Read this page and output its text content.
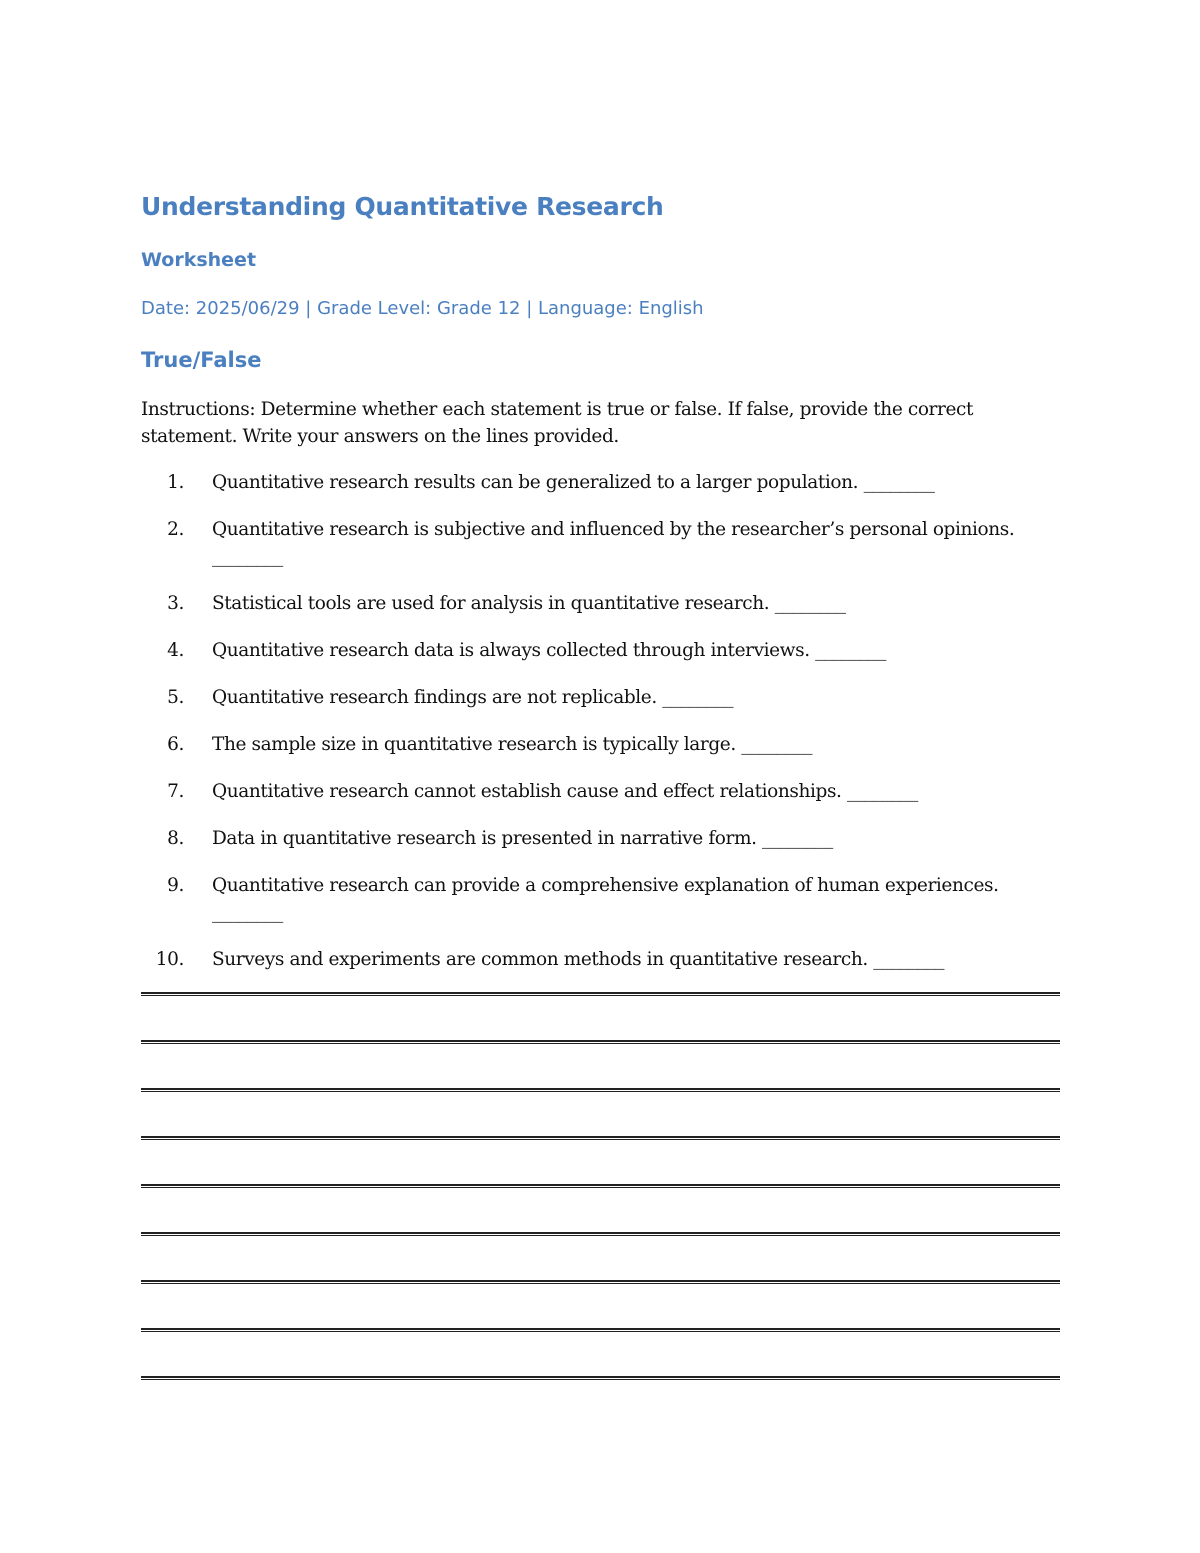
Understanding Quantitative Research
Worksheet

Date: 2025/06/29 | Grade Level: Grade 12 | Language: English

True/False

Instructions: Determine whether each statement is true or false. If false, provide the correct statement. Write your answers on the lines provided.

1. Quantitative research results can be generalized to a larger population. ________
2. Quantitative research is subjective and influenced by the researcher’s personal opinions. ________
3. Statistical tools are used for analysis in quantitative research. ________
4. Quantitative research data is always collected through interviews. ________
5. Quantitative research findings are not replicable. ________
6. The sample size in quantitative research is typically large. ________
7. Quantitative research cannot establish cause and effect relationships. ________
8. Data in quantitative research is presented in narrative form. ________
9. Quantitative research can provide a comprehensive explanation of human experiences. ________
10. Surveys and experiments are common methods in quantitative research. ________
